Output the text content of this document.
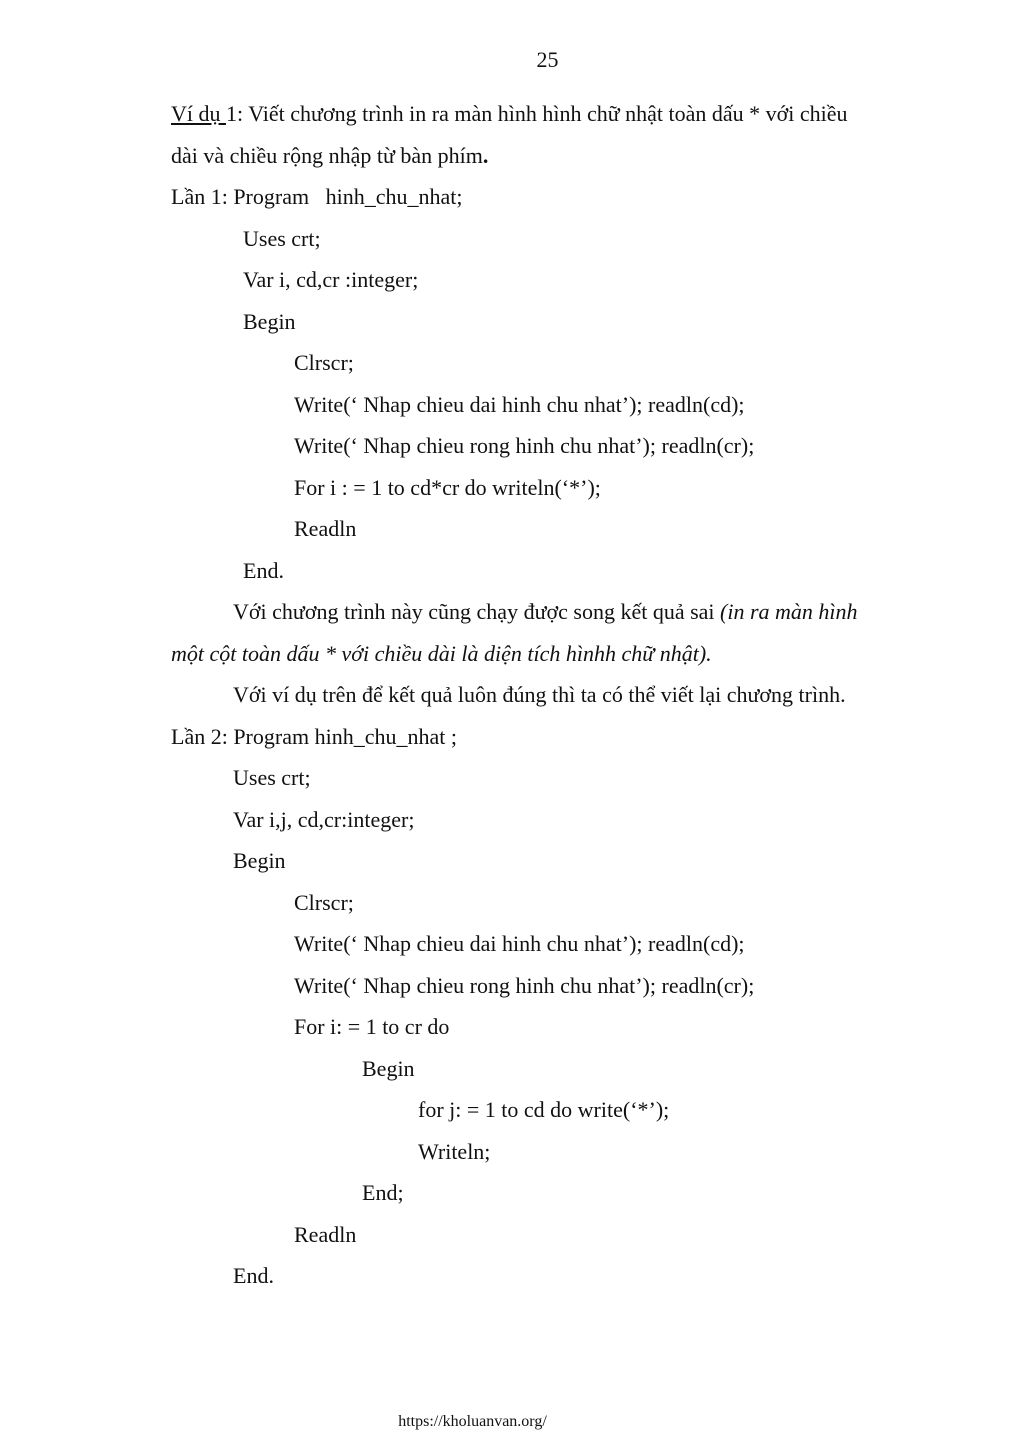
25
Ví dụ 1: Viết chương trình in ra màn hình hình chữ nhật toàn dấu * với chiều
dài và chiều rộng nhập từ bàn phím.
Lần 1: Program   hinh_chu_nhat;
Uses crt;
Var i, cd,cr :integer;
Begin
Clrscr;
Write(‘ Nhap chieu dai hinh chu nhat’); readln(cd);
Write(‘ Nhap chieu rong hinh chu nhat’); readln(cr);
For i : = 1 to cd*cr do writeln(‘*’);
Readln
End.
Với chương trình này cũng chạy được song kết quả sai (in ra màn hình
một cột toàn dấu * với chiều dài là diện tích hìnhh chữ nhật).
Với ví dụ trên để kết quả luôn đúng thì ta có thể viết lại chương trình.
Lần 2: Program hinh_chu_nhat ;
Uses crt;
Var i,j, cd,cr:integer;
Begin
Clrscr;
Write(‘ Nhap chieu dai hinh chu nhat’); readln(cd);
Write(‘ Nhap chieu rong hinh chu nhat’); readln(cr);
For i: = 1 to cr do
Begin
for j: = 1 to cd do write(‘*’);
Writeln;
End;
Readln
End.
https://kholuanvan.org/
